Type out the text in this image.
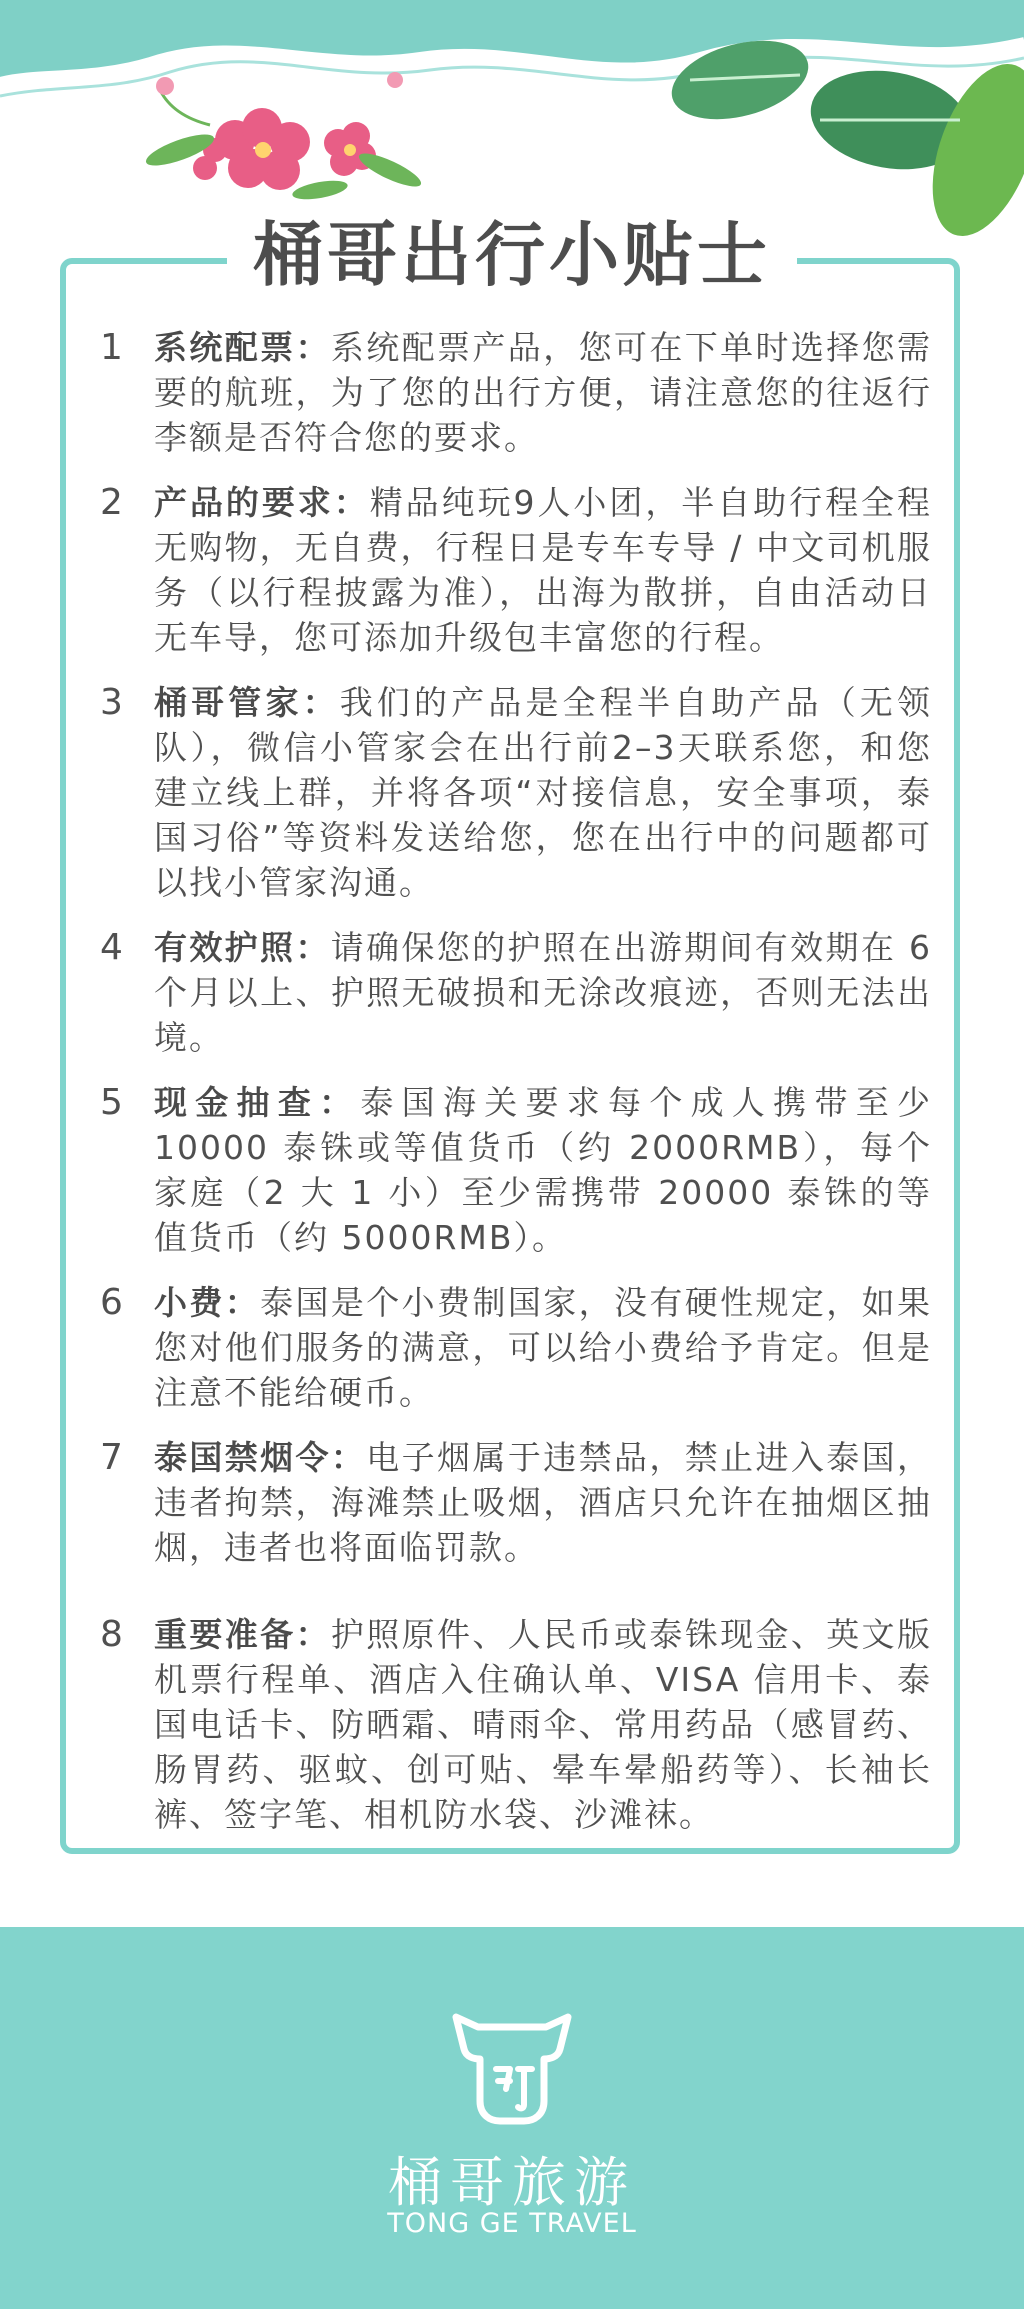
桶哥出行小贴士
1 系统配票：系统配票产品，您可在下单时选择您需要的航班，为了您的出行方便，请注意您的往返行李额是否符合您的要求。
2 产品的要求：精品纯玩9人小团，半自助行程全程无购物，无自费，行程日是专车专导 / 中文司机服务（以行程披露为准），出海为散拼，自由活动日无车导，您可添加升级包丰富您的行程。
3 桶哥管家：我们的产品是全程半自助产品（无领队），微信小管家会在出行前2–3天联系您，和您建立线上群，并将各项“对接信息，安全事项，泰国习俗”等资料发送给您，您在出行中的问题都可以找小管家沟通。
4 有效护照：请确保您的护照在出游期间有效期在 6 个月以上、护照无破损和无涂改痕迹，否则无法出境。
5 现金抽查：泰国海关要求每个成人携带至少 10000 泰铢或等值货币（约 2000RMB），每个家庭（2 大 1 小）至少需携带 20000 泰铢的等值货币（约 5000RMB）。
6 小费：泰国是个小费制国家，没有硬性规定，如果您对他们服务的满意，可以给小费给予肯定。但是注意不能给硬币。
7 泰国禁烟令：电子烟属于违禁品，禁止进入泰国，违者拘禁，海滩禁止吸烟，酒店只允许在抽烟区抽烟，违者也将面临罚款。
8 重要准备：护照原件、人民币或泰铢现金、英文版机票行程单、酒店入住确认单、VISA 信用卡、泰国电话卡、防晒霜、晴雨伞、常用药品（感冒药、肠胃药、驱蚊、创可贴、晕车晕船药等）、长袖长裤、签字笔、相机防水袋、沙滩袜。
桶哥旅游
TONG GE TRAVEL
